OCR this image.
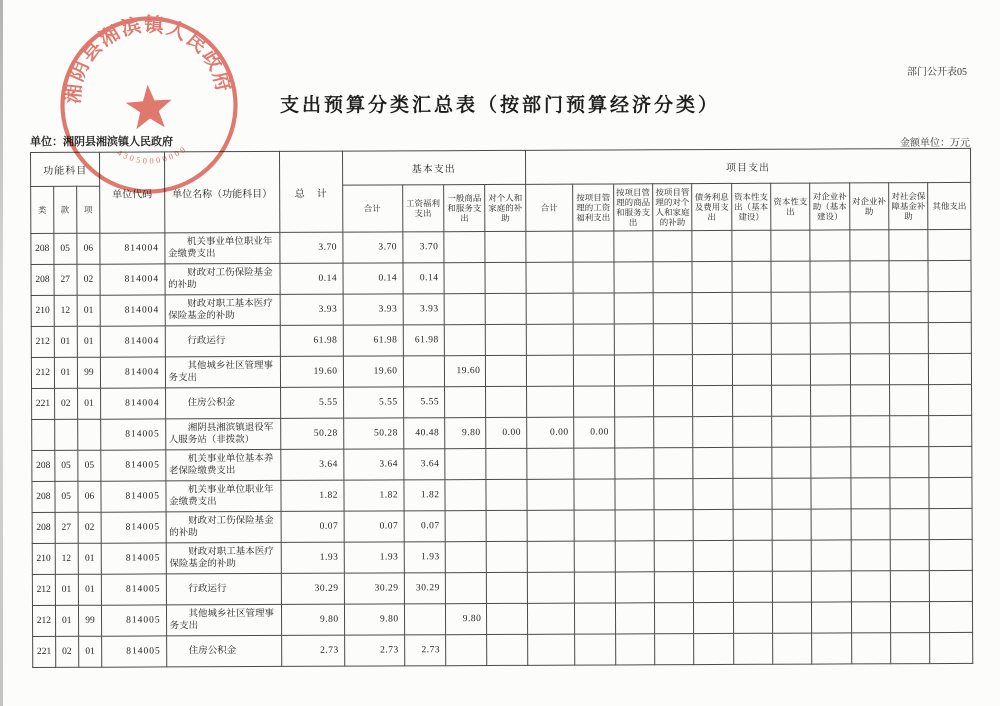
部门公开表05
支出预算分类汇总表（按部门预算经济分类）
单位：湘阴县湘滨镇人民政府	金额单位：万元
功能科目			单位代码	单位名称（功能科目）	总　计	基本支出				项目支出										
类	款	项				合计	工资福利支出	一般商品和服务支出	对个人和家庭的补助	合计	按项目管理的工资福利支出	按项目管理的商品和服务支出	按项目管理的对个人和家庭的补助	债务利息及费用支出	资本性支出（基本建设）	资本性支出	对企业补助（基本建设）	对企业补助	对社会保障基金补助	其他支出
208	05	06	814004	机关事业单位职业年金缴费支出	3.70	3.70	3.70													
208	27	02	814004	财政对工伤保险基金的补助	0.14	0.14	0.14													
210	12	01	814004	财政对职工基本医疗保险基金的补助	3.93	3.93	3.93													
212	01	01	814004	行政运行	61.98	61.98	61.98													
212	01	99	814004	其他城乡社区管理事务支出	19.60	19.60		19.60												
221	02	01	814004	住房公积金	5.55	5.55	5.55													
			814005	湘阴县湘滨镇退役军人服务站（非拨款）	50.28	50.28	40.48	9.80	0.00	0.00	0.00									
208	05	05	814005	机关事业单位基本养老保险缴费支出	3.64	3.64	3.64													
208	05	06	814005	机关事业单位职业年金缴费支出	1.82	1.82	1.82													
208	27	02	814005	财政对工伤保险基金的补助	0.07	0.07	0.07													
210	12	01	814005	财政对职工基本医疗保险基金的补助	1.93	1.93	1.93													
212	01	01	814005	行政运行	30.29	30.29	30.29													
212	01	99	814005	其他城乡社区管理事务支出	9.80	9.80		9.80												
221	02	01	814005	住房公积金	2.73	2.73	2.73													
湘阴县湘滨镇人民政府
43050000009
